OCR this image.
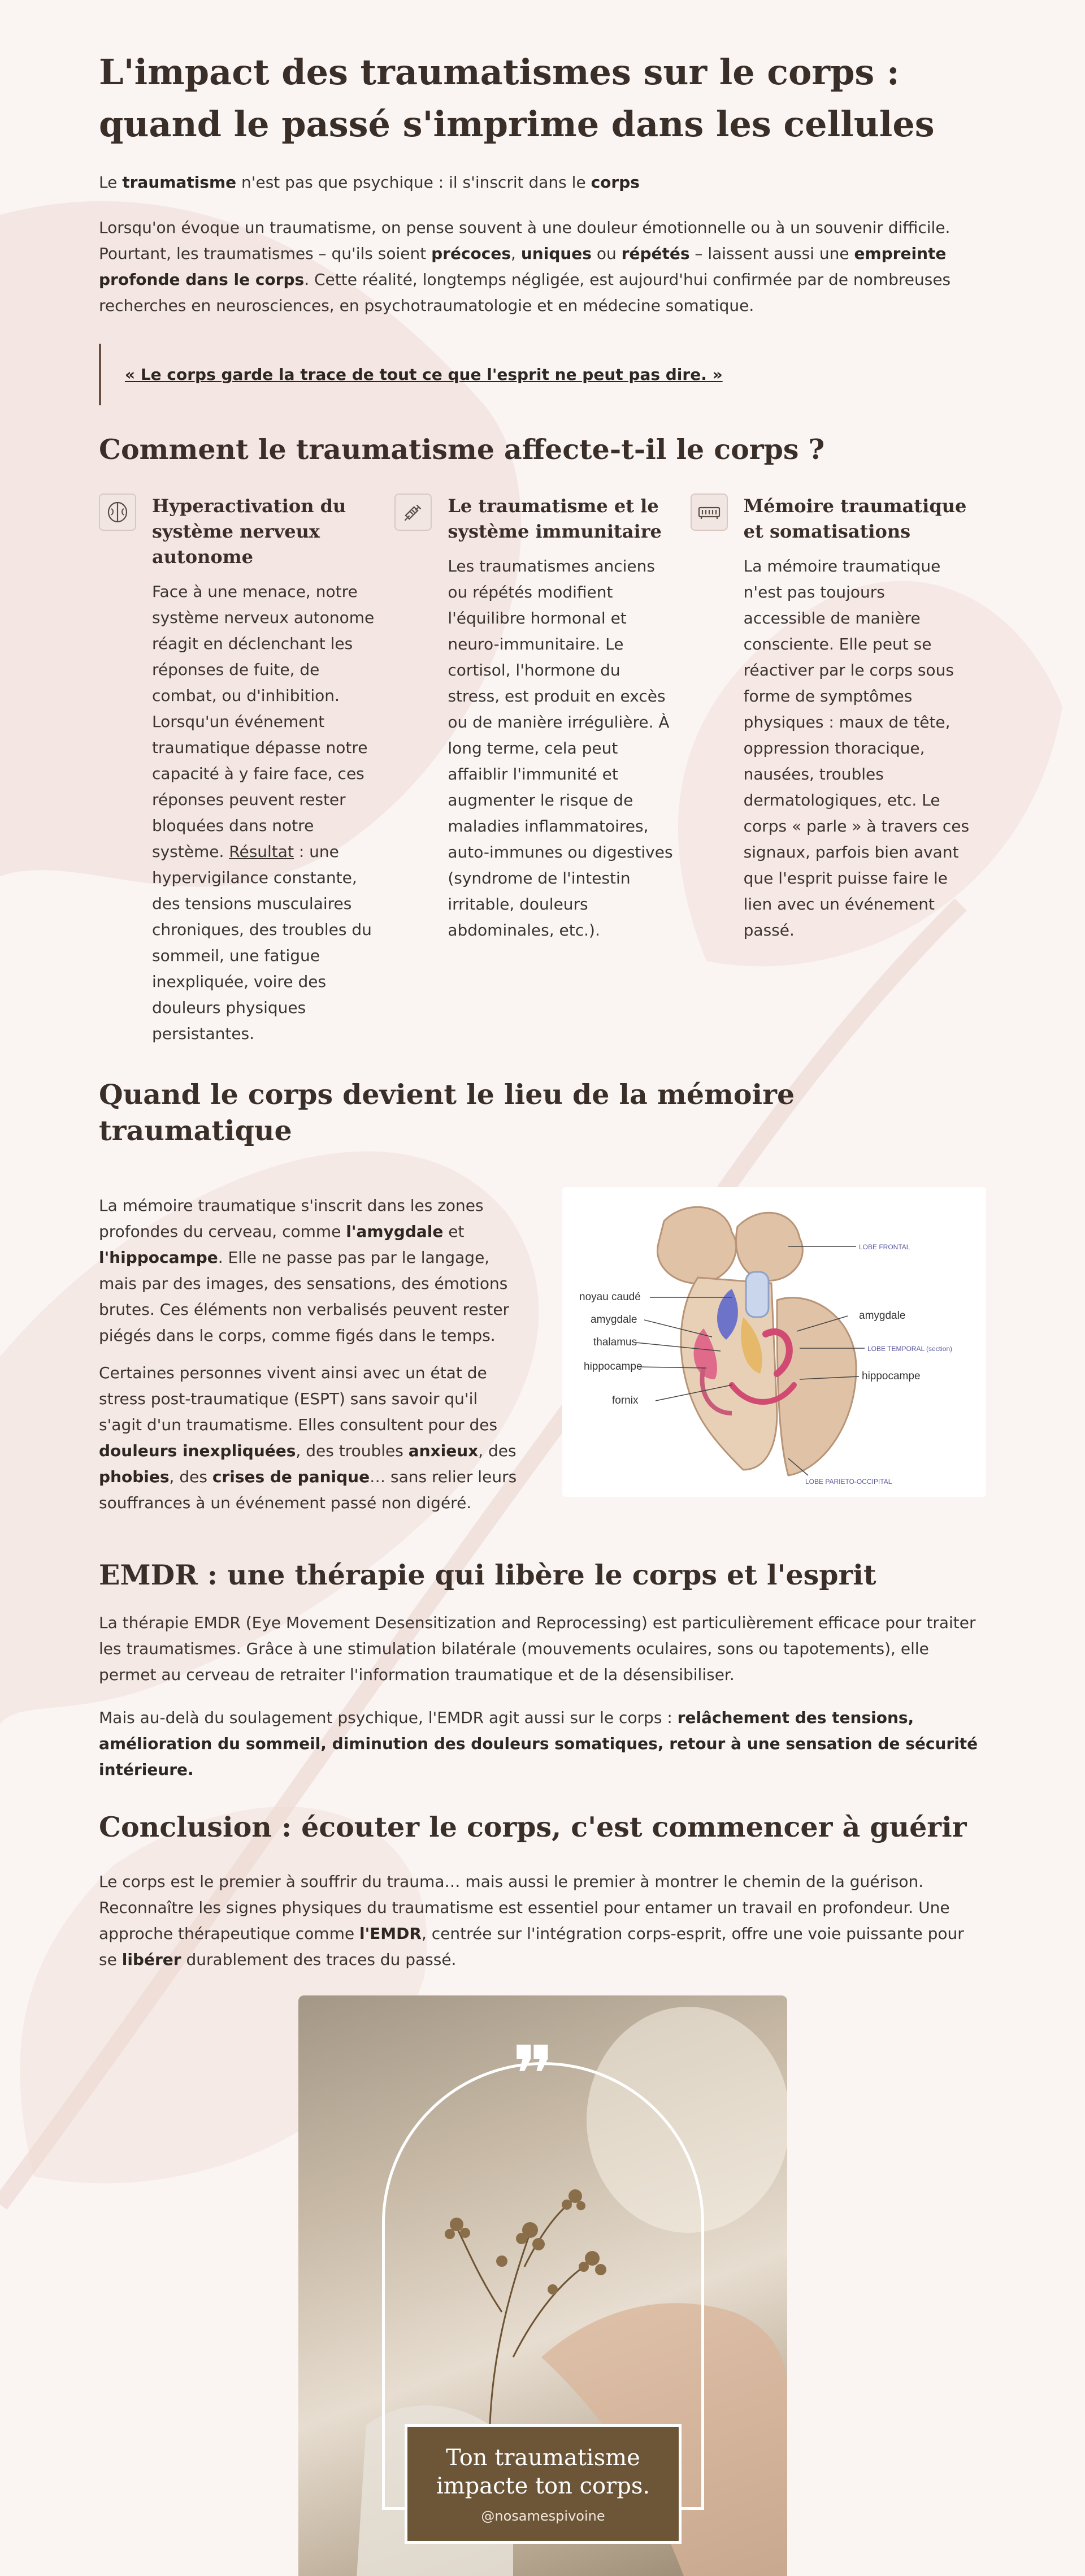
L'impact des traumatismes sur le corps : quand le passé s'imprime dans les cellules

Le traumatisme n'est pas que psychique : il s'inscrit dans le corps

Lorsqu'on évoque un traumatisme, on pense souvent à une douleur émotionnelle ou à un souvenir difficile. Pourtant, les traumatismes – qu'ils soient précoces, uniques ou répétés – laissent aussi une empreinte profonde dans le corps. Cette réalité, longtemps négligée, est aujourd'hui confirmée par de nombreuses recherches en neurosciences, en psychotraumatologie et en médecine somatique.

« Le corps garde la trace de tout ce que l'esprit ne peut pas dire. »
Comment le traumatisme affecte-t-il le corps ?
Hyperactivation du système nerveux autonome

Face à une menace, notre système nerveux autonome réagit en déclenchant les réponses de fuite, de combat, ou d'inhibition. Lorsqu'un événement traumatique dépasse notre capacité à y faire face, ces réponses peuvent rester bloquées dans notre système. Résultat : une hypervigilance constante, des tensions musculaires chroniques, des troubles du sommeil, une fatigue inexpliquée, voire des douleurs physiques persistantes.

Le traumatisme et le système immunitaire

Les traumatismes anciens ou répétés modifient l'équilibre hormonal et neuro-immunitaire. Le cortisol, l'hormone du stress, est produit en excès ou de manière irrégulière. À long terme, cela peut affaiblir l'immunité et augmenter le risque de maladies inflammatoires, auto-immunes ou digestives (syndrome de l'intestin irritable, douleurs abdominales, etc.).

Mémoire traumatique et somatisations

La mémoire traumatique n'est pas toujours accessible de manière consciente. Elle peut se réactiver par le corps sous forme de symptômes physiques : maux de tête, oppression thoracique, nausées, troubles dermatologiques, etc. Le corps « parle » à travers ces signaux, parfois bien avant que l'esprit puisse faire le lien avec un événement passé.

Quand le corps devient le lieu de la mémoire traumatique

La mémoire traumatique s'inscrit dans les zones profondes du cerveau, comme l'amygdale et l'hippocampe. Elle ne passe pas par le langage, mais par des images, des sensations, des émotions brutes. Ces éléments non verbalisés peuvent rester piégés dans le corps, comme figés dans le temps.

Certaines personnes vivent ainsi avec un état de stress post-traumatique (ESPT) sans savoir qu'il s'agit d'un traumatisme. Elles consultent pour des douleurs inexpliquées, des troubles anxieux, des phobies, des crises de panique… sans relier leurs souffrances à un événement passé non digéré.

LOBE FRONTAL
noyau caudé
amygdale
thalamus
hippocampe
fornix
amygdale
LOBE TEMPORAL (section)
hippocampe
LOBE PARIETO-OCCIPITAL
EMDR : une thérapie qui libère le corps et l'esprit

La thérapie EMDR (Eye Movement Desensitization and Reprocessing) est particulièrement efficace pour traiter les traumatismes. Grâce à une stimulation bilatérale (mouvements oculaires, sons ou tapotements), elle permet au cerveau de retraiter l'information traumatique et de la désensibiliser.

Mais au-delà du soulagement psychique, l'EMDR agit aussi sur le corps : relâchement des tensions, amélioration du sommeil, diminution des douleurs somatiques, retour à une sensation de sécurité intérieure.

Conclusion : écouter le corps, c'est commencer à guérir

Le corps est le premier à souffrir du trauma… mais aussi le premier à montrer le chemin de la guérison. Reconnaître les signes physiques du traumatisme est essentiel pour entamer un travail en profondeur. Une approche thérapeutique comme l'EMDR, centrée sur l'intégration corps-esprit, offre une voie puissante pour se libérer durablement des traces du passé.

❞
Ton traumatisme
impacte ton corps.
@nosamespivoine
